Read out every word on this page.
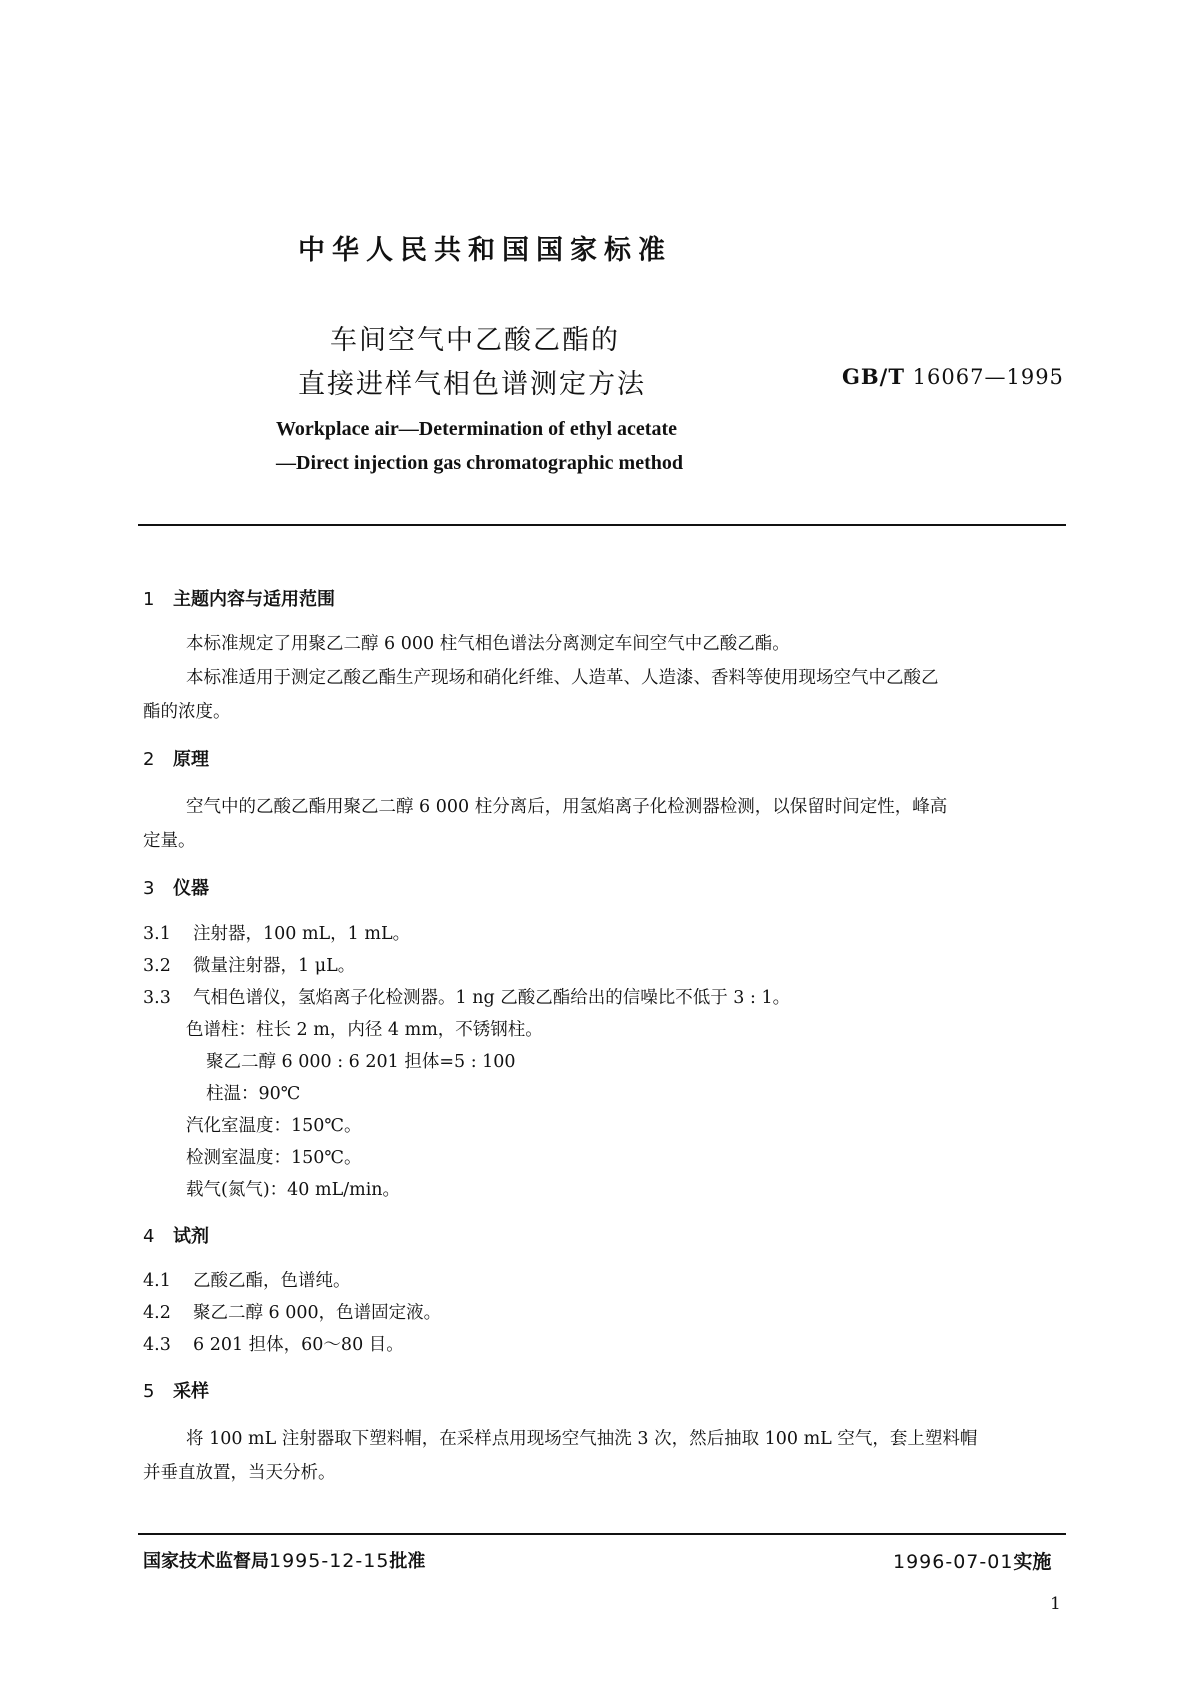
中华人民共和国国家标准
车间空气中乙酸乙酯的
直接进样气相色谱测定方法	GB/T 16067—1995
Workplace air—Determination of ethyl acetate
—Direct injection gas chromatographic method
1 主题内容与适用范围
本标准规定了用聚乙二醇 6 000 柱气相色谱法分离测定车间空气中乙酸乙酯。
本标准适用于测定乙酸乙酯生产现场和硝化纤维、人造革、人造漆、香料等使用现场空气中乙酸乙
酯的浓度。
2 原理
空气中的乙酸乙酯用聚乙二醇 6 000 柱分离后，用氢焰离子化检测器检测，以保留时间定性，峰高
定量。
3 仪器
3.1 注射器，100 mL，1 mL。
3.2 微量注射器，1 μL。
3.3 气相色谱仪，氢焰离子化检测器。1 ng 乙酸乙酯给出的信噪比不低于 3 : 1。
色谱柱：柱长 2 m，内径 4 mm，不锈钢柱。
聚乙二醇 6 000 : 6 201 担体=5 : 100
柱温：90℃
汽化室温度：150℃。
检测室温度：150℃。
载气(氮气)：40 mL/min。
4 试剂
4.1 乙酸乙酯，色谱纯。
4.2 聚乙二醇 6 000，色谱固定液。
4.3 6 201 担体，60～80 目。
5 采样
将 100 mL 注射器取下塑料帽，在采样点用现场空气抽洗 3 次，然后抽取 100 mL 空气，套上塑料帽
并垂直放置，当天分析。
国家技术监督局1995-12-15批准	1996-07-01实施
1
